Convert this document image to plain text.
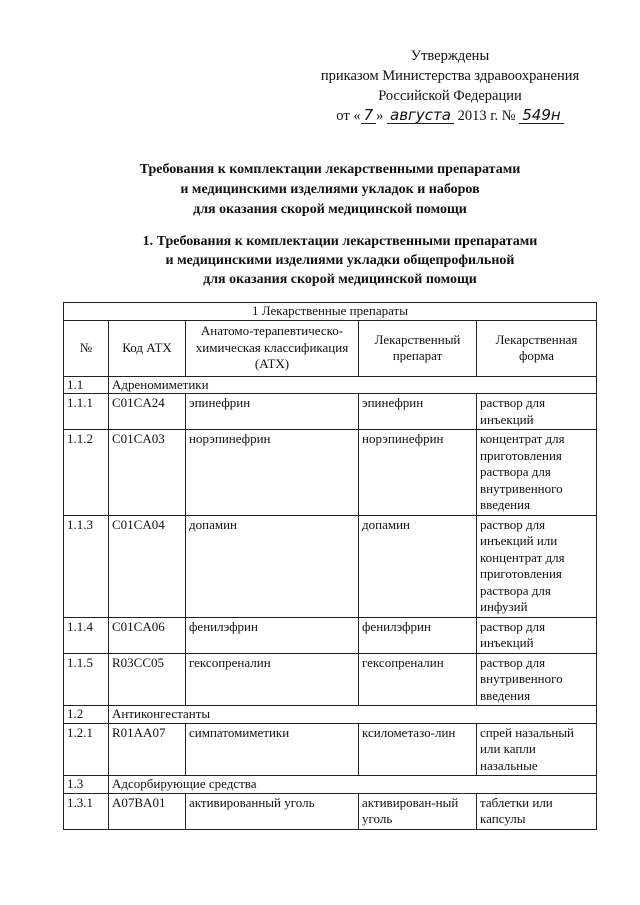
Утверждены
приказом Министерства здравоохранения
Российской Федерации
от « 7 » августа 2013 г. № 549н
Требования к комплектации лекарственными препаратами
и медицинскими изделиями укладок и наборов
для оказания скорой медицинской помощи
1. Требования к комплектации лекарственными препаратами
и медицинскими изделиями укладки общепрофильной
для оказания скорой медицинской помощи
1 Лекарственные препараты				
№	Код АТХ	Анатомо-терапевтическо-химическая классификация (АТХ)	Лекарственный препарат	Лекарственная форма
1.1	Адреномиметики			
1.1.1	C01CA24	эпинефрин	эпинефрин	раствор для инъекций
1.1.2	C01CA03	норэпинефрин	норэпинефрин	концентрат для приготовления раствора для внутривенного введения
1.1.3	C01CA04	допамин	допамин	раствор для инъекций или концентрат для приготовления раствора для инфузий
1.1.4	C01CA06	фенилэфрин	фенилэфрин	раствор для инъекций
1.1.5	R03CC05	гексопреналин	гексопреналин	раствор для внутривенного введения
1.2	Антиконгестанты			
1.2.1	R01AA07	симпатомиметики	ксилометазо-лин	спрей назальный или капли назальные
1.3	Адсорбирующие средства			
1.3.1	A07BA01	активированный уголь	активирован-ный уголь	таблетки или капсулы
